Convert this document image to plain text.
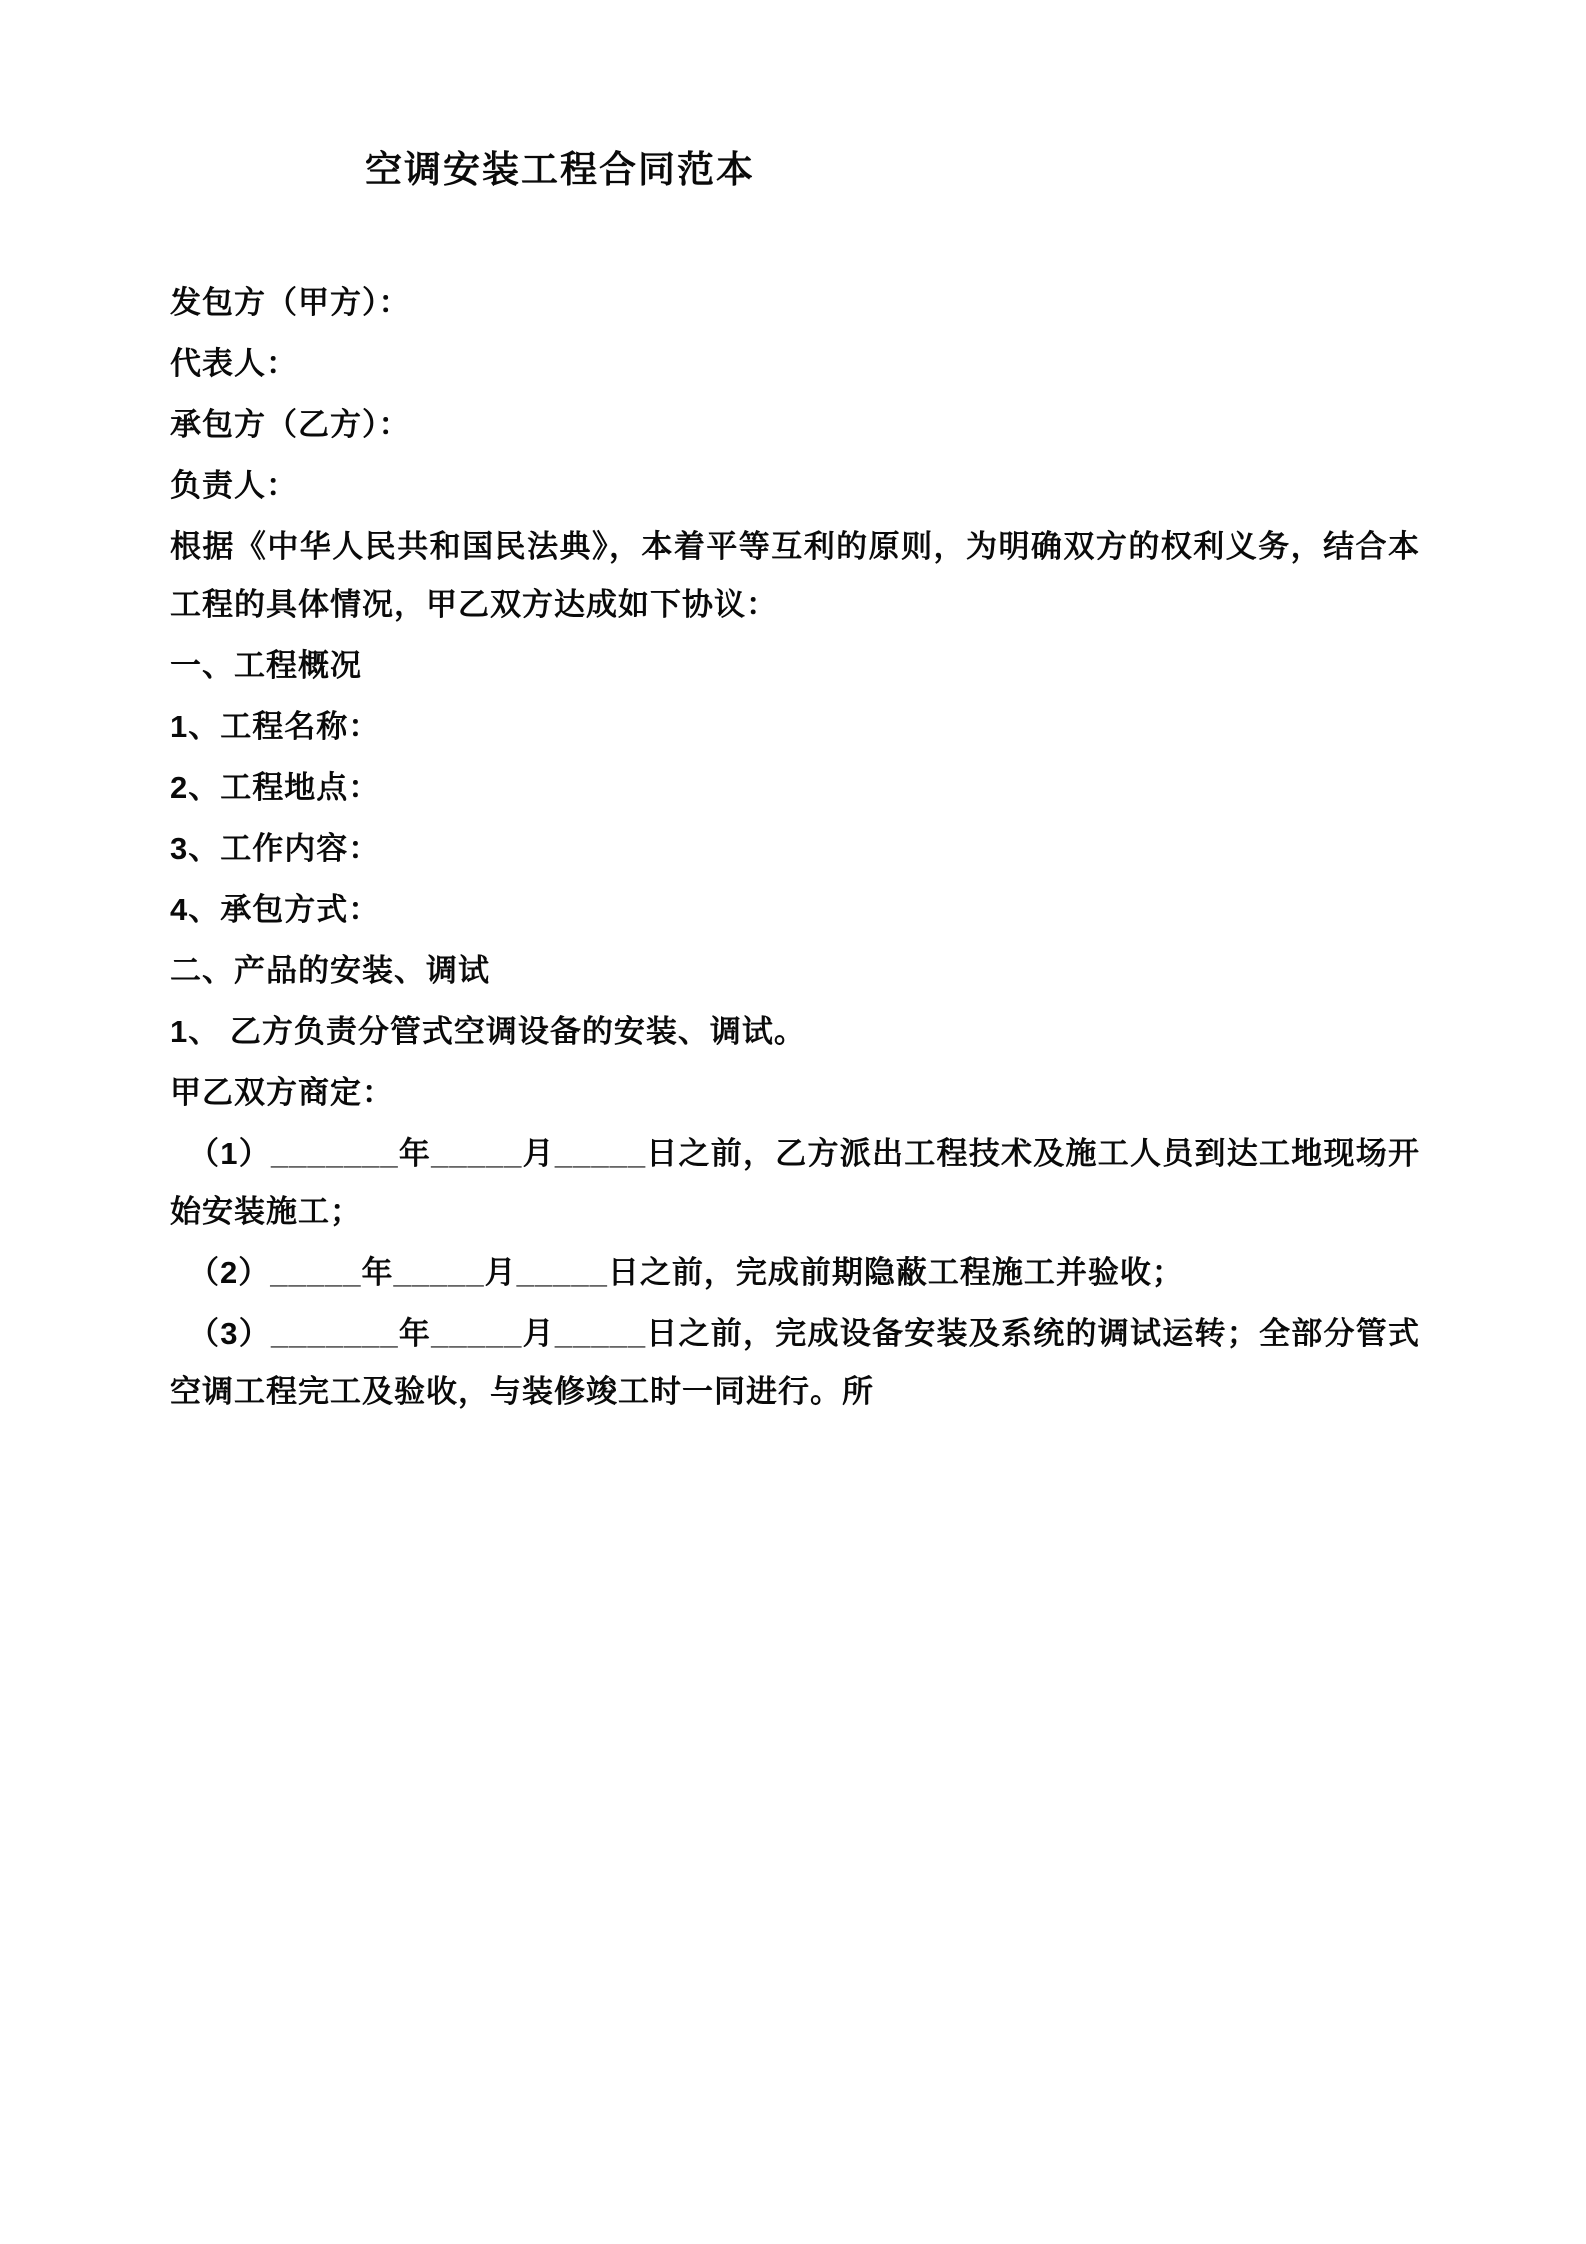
空调安装工程合同范本

发包方（甲方）：

代表人：

承包方（乙方）：

负责人：

根据《中华人民共和国民法典》，本着平等互利的原则，为明确双方的权利义务，结合本工程的具体情况，甲乙双方达成如下协议：

一、工程概况

1、工程名称：

2、工程地点：

3、工作内容：

4、承包方式：

二、产品的安装、调试

1、 乙方负责分管式空调设备的安装、调试。

甲乙双方商定：

（1）_______年_____月_____日之前，乙方派出工程技术及施工人员到达工地现场开始安装施工；

（2）_____年_____月_____日之前，完成前期隐蔽工程施工并验收；

（3）_______年_____月_____日之前，完成设备安装及系统的调试运转；全部分管式空调工程完工及验收，与装修竣工时一同进行。所
